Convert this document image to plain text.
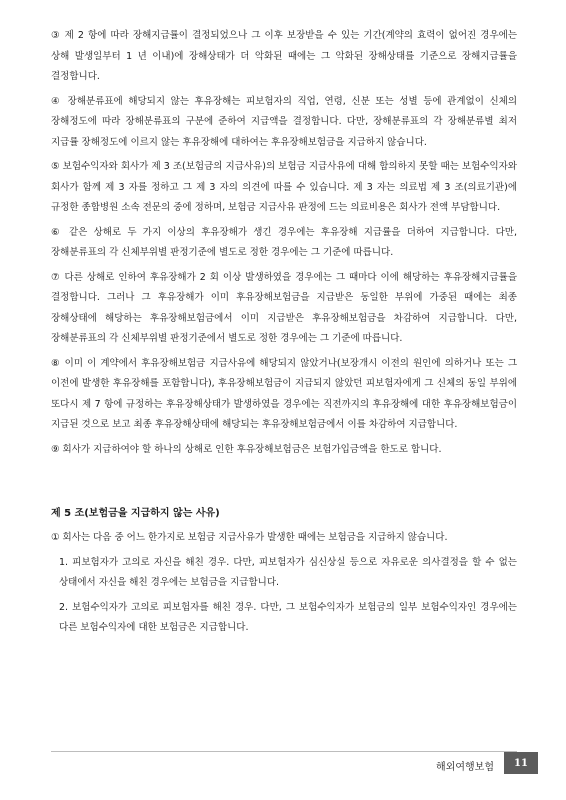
③ 제 2 항에 따라 장해지급률이 결정되었으나 그 이후 보장받을 수 있는 기간(계약의 효력이 없어진 경우에는 상해 발생일부터 1 년 이내)에 장해상태가 더 악화된 때에는 그 악화된 장해상태를 기준으로 장해지급률을 결정합니다.

④ 장해분류표에 해당되지 않는 후유장해는 피보험자의 직업, 연령, 신분 또는 성별 등에 관계없이 신체의 장해정도에 따라 장해분류표의 구분에 준하여 지급액을 결정합니다. 다만, 장해분류표의 각 장해분류별 최저 지급률 장해정도에 이르지 않는 후유장해에 대하여는 후유장해보험금을 지급하지 않습니다.

⑤ 보험수익자와 회사가 제 3 조(보험금의 지급사유)의 보험금 지급사유에 대해 합의하지 못할 때는 보험수익자와 회사가 함께 제 3 자를 정하고 그 제 3 자의 의견에 따를 수 있습니다. 제 3 자는 의료법 제 3 조(의료기관)에 규정한 종합병원 소속 전문의 중에 정하며, 보험금 지급사유 판정에 드는 의료비용은 회사가 전액 부담합니다.

⑥ 같은 상해로 두 가지 이상의 후유장해가 생긴 경우에는 후유장해 지급률을 더하여 지급합니다. 다만, 장해분류표의 각 신체부위별 판정기준에 별도로 정한 경우에는 그 기준에 따릅니다.

⑦ 다른 상해로 인하여 후유장해가 2 회 이상 발생하였을 경우에는 그 때마다 이에 해당하는 후유장해지급률을 결정합니다. 그러나 그 후유장해가 이미 후유장해보험금을 지급받은 동일한 부위에 가중된 때에는 최종 장해상태에 해당하는 후유장해보험금에서 이미 지급받은 후유장해보험금을 차감하여 지급합니다. 다만, 장해분류표의 각 신체부위별 판정기준에서 별도로 정한 경우에는 그 기준에 따릅니다.

⑧ 이미 이 계약에서 후유장해보험금 지급사유에 해당되지 않았거나(보장개시 이전의 원인에 의하거나 또는 그 이전에 발생한 후유장해를 포함합니다), 후유장해보험금이 지급되지 않았던 피보험자에게 그 신체의 동일 부위에 또다시 제 7 항에 규정하는 후유장해상태가 발생하였을 경우에는 직전까지의 후유장해에 대한 후유장해보험금이 지급된 것으로 보고 최종 후유장해상태에 해당되는 후유장해보험금에서 이를 차감하여 지급합니다.

⑨ 회사가 지급하여야 할 하나의 상해로 인한 후유장해보험금은 보험가입금액을 한도로 합니다.

제 5 조(보험금을 지급하지 않는 사유)

① 회사는 다음 중 어느 한가지로 보험금 지급사유가 발생한 때에는 보험금을 지급하지 않습니다.

1. 피보험자가 고의로 자신을 해친 경우. 다만, 피보험자가 심신상실 등으로 자유로운 의사결정을 할 수 없는 상태에서 자신을 해친 경우에는 보험금을 지급합니다.

2. 보험수익자가 고의로 피보험자를 해친 경우. 다만, 그 보험수익자가 보험금의 일부 보험수익자인 경우에는 다른 보험수익자에 대한 보험금은 지급합니다.

해외여행보험	11
